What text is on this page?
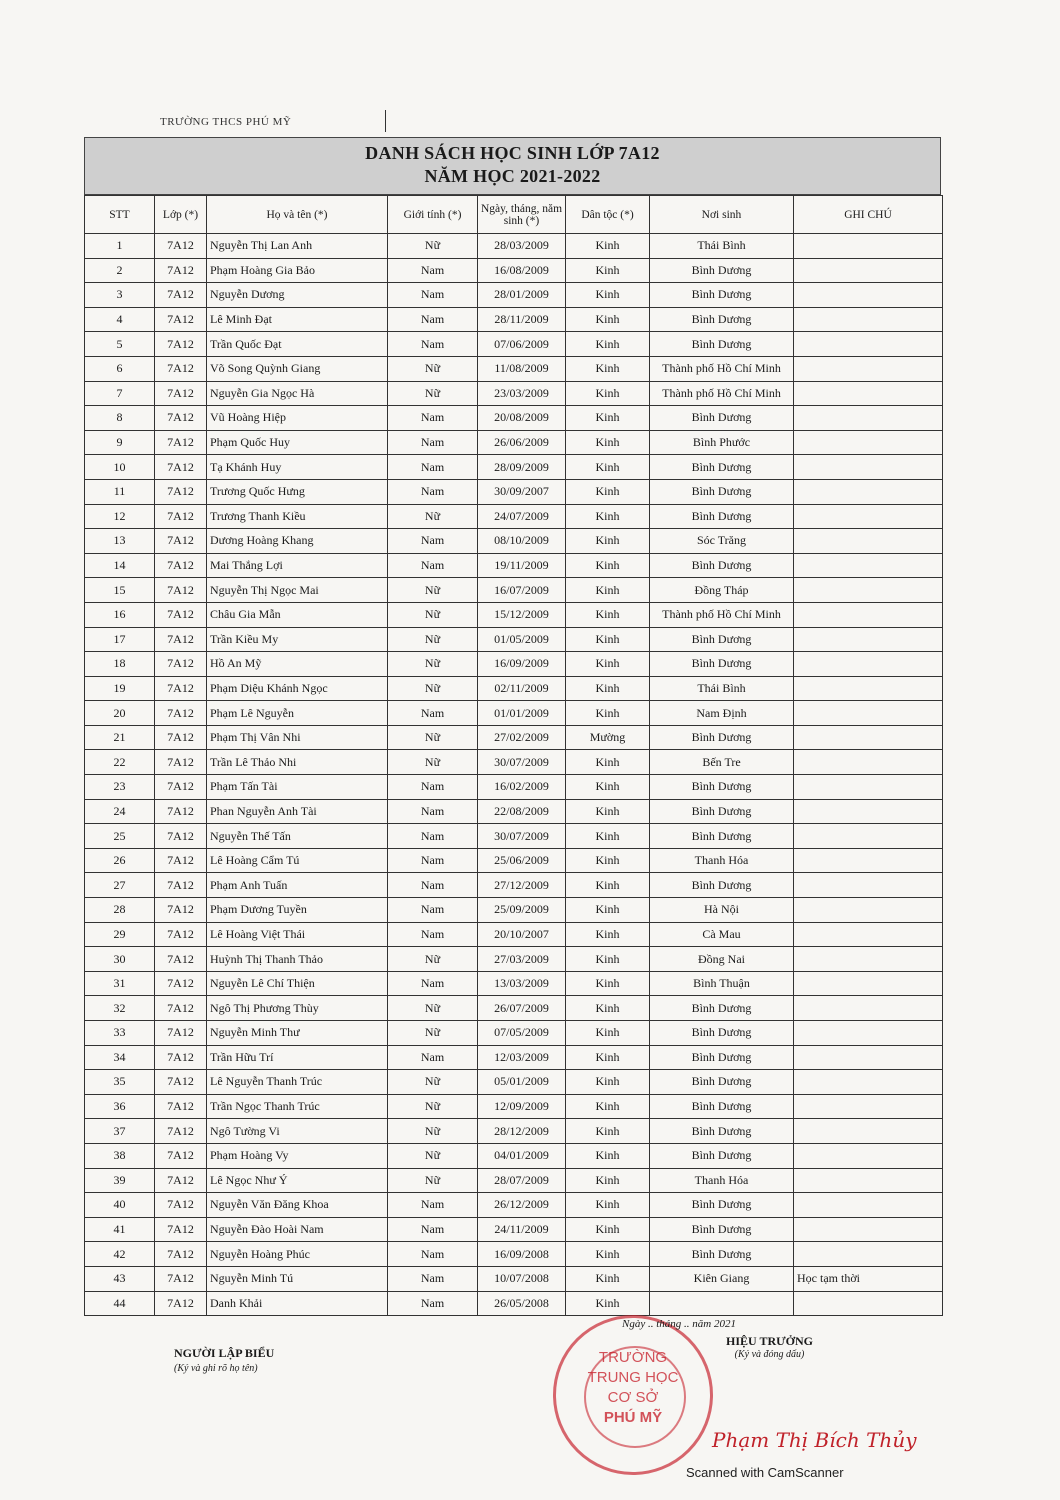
TRƯỜNG THCS PHÚ MỸ
DANH SÁCH HỌC SINH LỚP 7A12
NĂM HỌC 2021-2022
STT	Lớp (*)	Họ và tên (*)	Giới tính (*)	Ngày, tháng, năm sinh (*)	Dân tộc (*)	Nơi sinh	GHI CHÚ
1	7A12	Nguyễn Thị Lan Anh	Nữ	28/03/2009	Kinh	Thái Bình	
2	7A12	Phạm Hoàng Gia Bảo	Nam	16/08/2009	Kinh	Bình Dương	
3	7A12	Nguyễn Dương	Nam	28/01/2009	Kinh	Bình Dương	
4	7A12	Lê Minh Đạt	Nam	28/11/2009	Kinh	Bình Dương	
5	7A12	Trần Quốc Đạt	Nam	07/06/2009	Kinh	Bình Dương	
6	7A12	Võ Song Quỳnh Giang	Nữ	11/08/2009	Kinh	Thành phố Hồ Chí Minh	
7	7A12	Nguyễn Gia Ngọc Hà	Nữ	23/03/2009	Kinh	Thành phố Hồ Chí Minh	
8	7A12	Vũ Hoàng Hiệp	Nam	20/08/2009	Kinh	Bình Dương	
9	7A12	Phạm Quốc Huy	Nam	26/06/2009	Kinh	Bình Phước	
10	7A12	Tạ Khánh Huy	Nam	28/09/2009	Kinh	Bình Dương	
11	7A12	Trương Quốc Hưng	Nam	30/09/2007	Kinh	Bình Dương	
12	7A12	Trương Thanh Kiều	Nữ	24/07/2009	Kinh	Bình Dương	
13	7A12	Dương Hoàng Khang	Nam	08/10/2009	Kinh	Sóc Trăng	
14	7A12	Mai Thắng Lợi	Nam	19/11/2009	Kinh	Bình Dương	
15	7A12	Nguyễn Thị Ngọc Mai	Nữ	16/07/2009	Kinh	Đồng Tháp	
16	7A12	Châu Gia Mẫn	Nữ	15/12/2009	Kinh	Thành phố Hồ Chí Minh	
17	7A12	Trần Kiều My	Nữ	01/05/2009	Kinh	Bình Dương	
18	7A12	Hồ An Mỹ	Nữ	16/09/2009	Kinh	Bình Dương	
19	7A12	Phạm Diệu Khánh Ngọc	Nữ	02/11/2009	Kinh	Thái Bình	
20	7A12	Phạm Lê Nguyễn	Nam	01/01/2009	Kinh	Nam Định	
21	7A12	Phạm Thị Vân Nhi	Nữ	27/02/2009	Mường	Bình Dương	
22	7A12	Trần Lê Thảo Nhi	Nữ	30/07/2009	Kinh	Bến Tre	
23	7A12	Phạm Tấn Tài	Nam	16/02/2009	Kinh	Bình Dương	
24	7A12	Phan Nguyễn Anh Tài	Nam	22/08/2009	Kinh	Bình Dương	
25	7A12	Nguyễn Thế Tấn	Nam	30/07/2009	Kinh	Bình Dương	
26	7A12	Lê Hoàng Cẩm Tú	Nam	25/06/2009	Kinh	Thanh Hóa	
27	7A12	Phạm Anh Tuấn	Nam	27/12/2009	Kinh	Bình Dương	
28	7A12	Phạm Dương Tuyền	Nam	25/09/2009	Kinh	Hà Nội	
29	7A12	Lê Hoàng Việt Thái	Nam	20/10/2007	Kinh	Cà Mau	
30	7A12	Huỳnh Thị Thanh Thảo	Nữ	27/03/2009	Kinh	Đồng Nai	
31	7A12	Nguyễn Lê Chí Thiện	Nam	13/03/2009	Kinh	Bình Thuận	
32	7A12	Ngô Thị Phương Thùy	Nữ	26/07/2009	Kinh	Bình Dương	
33	7A12	Nguyễn Minh Thư	Nữ	07/05/2009	Kinh	Bình Dương	
34	7A12	Trần Hữu Trí	Nam	12/03/2009	Kinh	Bình Dương	
35	7A12	Lê Nguyễn Thanh Trúc	Nữ	05/01/2009	Kinh	Bình Dương	
36	7A12	Trần Ngọc Thanh Trúc	Nữ	12/09/2009	Kinh	Bình Dương	
37	7A12	Ngô Tường Vi	Nữ	28/12/2009	Kinh	Bình Dương	
38	7A12	Phạm Hoàng Vy	Nữ	04/01/2009	Kinh	Bình Dương	
39	7A12	Lê Ngọc Như Ý	Nữ	28/07/2009	Kinh	Thanh Hóa	
40	7A12	Nguyễn Văn Đăng Khoa	Nam	26/12/2009	Kinh	Bình Dương	
41	7A12	Nguyễn Đào Hoài Nam	Nam	24/11/2009	Kinh	Bình Dương	
42	7A12	Nguyễn Hoàng Phúc	Nam	16/09/2008	Kinh	Bình Dương	
43	7A12	Nguyễn Minh Tú	Nam	10/07/2008	Kinh	Kiên Giang	Học tạm thời
44	7A12	Danh Khải	Nam	26/05/2008	Kinh		
NGƯỜI LẬP BIỂU
(Ký và ghi rõ họ tên)
TRƯỜNG
TRUNG HỌC
CƠ SỞ
PHÚ MỸ
Ngày .. tháng .. năm 2021
HIỆU TRƯỞNG
(Ký và đóng dấu)
Phạm Thị Bích Thủy
Scanned with CamScanner
